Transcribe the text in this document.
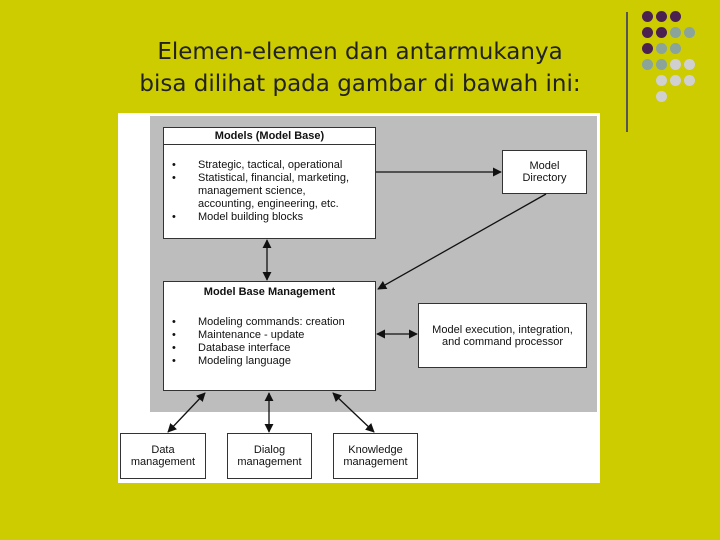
Elemen-elemen dan antarmukanya
bisa dilihat pada gambar di bawah ini:
Models (Model Base)
• Strategic, tactical, operational
• Statistical, financial, marketing,
management science,
accounting, engineering, etc.
• Model building blocks
Model
Directory
Model Base Management
• Modeling commands: creation
• Maintenance - update
• Database interface
• Modeling language
Model execution, integration,
and command processor
Data
management
Dialog
management
Knowledge
management
